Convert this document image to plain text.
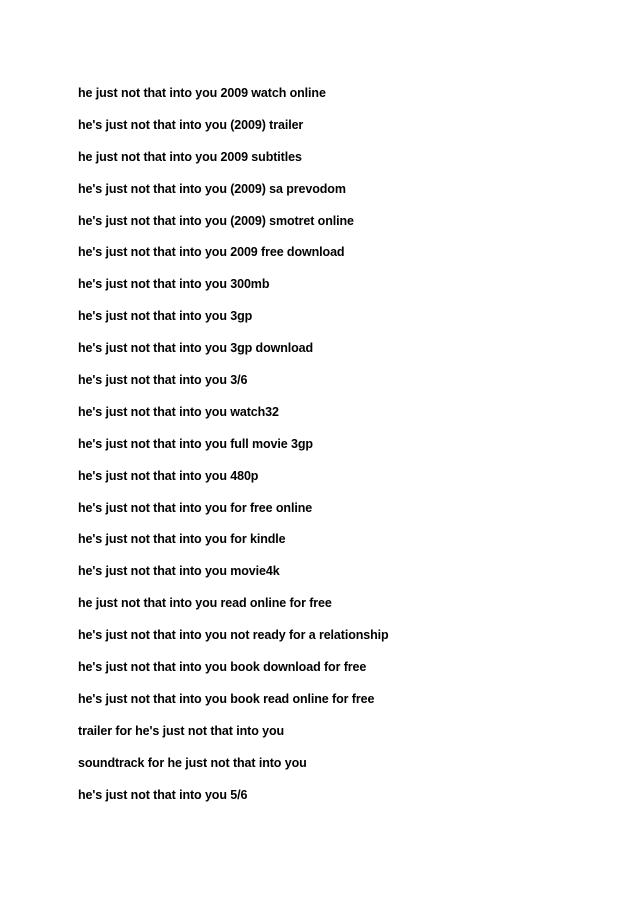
he just not that into you 2009 watch online
he's just not that into you (2009) trailer
he just not that into you 2009 subtitles
he's just not that into you (2009) sa prevodom
he's just not that into you (2009) smotret online
he's just not that into you 2009 free download
he's just not that into you 300mb
he's just not that into you 3gp
he's just not that into you 3gp download
he's just not that into you 3/6
he's just not that into you watch32
he's just not that into you full movie 3gp
he's just not that into you 480p
he's just not that into you for free online
he's just not that into you for kindle
he's just not that into you movie4k
he just not that into you read online for free
he's just not that into you not ready for a relationship
he's just not that into you book download for free
he's just not that into you book read online for free
trailer for he's just not that into you
soundtrack for he just not that into you
he's just not that into you 5/6
